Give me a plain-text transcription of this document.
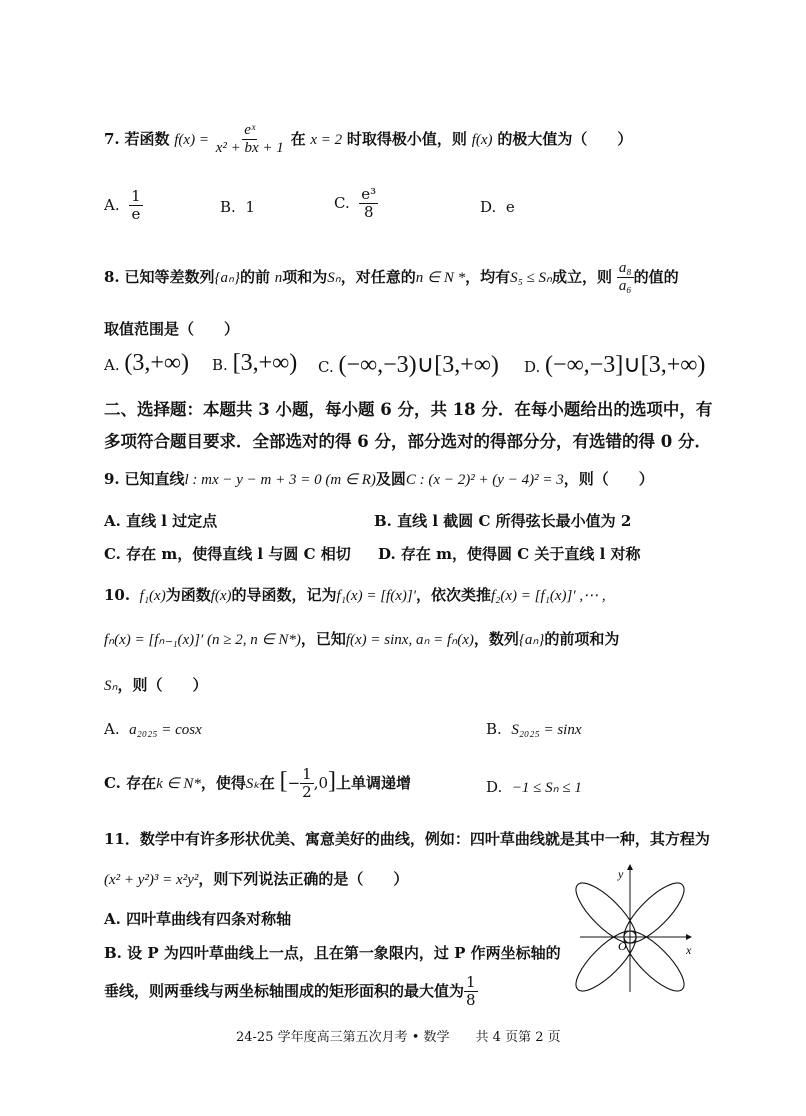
7. 若函数 $f(x) = \frac{\text{eˣ}}{\text{x² + bx + 1}}$ 在 x = 2 时取得极小值，则 f(x) 的极大值为（　　）
A. $\frac{1}{e}$	B. 1	C. $\frac{\text{e³}}{8}$	D. e
8. 已知等差数列{aₙ}的前 n项和为Sₙ，对任意的n ∈ N *，均有S₅ ≤ Sₙ成立，则 $\frac{\text{a₈}}{\text{a₆}}$ 的值的
取值范围是（　　）
A. (3,+∞) B. [3,+∞) C. (−∞,−3)∪[3,+∞) D. (−∞,−3]∪[3,+∞)
二、选择题：本题共 3 小题，每小题 6 分，共 18 分．在每小题给出的选项中，有
多项符合题目要求．全部选对的得 6 分，部分选对的得部分分，有选错的得 0 分．
9. 已知直线l : mx − y − m + 3 = 0 (m ∈ R)及圆C : (x − 2)² + (y − 4)² = 3，则（　　）
A. 直线 l 过定点	B. 直线 l 截圆 C 所得弦长最小值为 2
C. 存在 m，使得直线 l 与圆 C 相切 D. 存在 m，使得圆 C 关于直线 l 对称
10. f₁(x)为函数f(x)的导函数，记为f₁(x) = [f(x)]′，依次类推f₂(x) = [f₁(x)]′ ,⋯ ,
fₙ(x) = [fₙ₋₁(x)]′ (n ≥ 2, n ∈ N*)，已知f(x) = sinx, aₙ = fₙ(x)，数列{aₙ}的前项和为
Sₙ，则（　　）
A. a₂₀₂₅ = cosx	B. S₂₀₂₅ = sinx
C. 存在k ∈ N*，使得Sₖ在 [− $\frac{1}{2} ,0$]上单调递增	D. −1 ≤ Sₙ ≤ 1
11．数学中有许多形状优美、寓意美好的曲线，例如：四叶草曲线就是其中一种，其方程为
(x² + y²)³ = x²y²，则下列说法正确的是（　　）
A. 四叶草曲线有四条对称轴
B. 设 P 为四叶草曲线上一点，且在第一象限内，过 P 作两坐标轴的
垂线，则两垂线与两坐标轴围成的矩形面积的最大值为 $\frac{1}{8}$
x
y
O
24-25 学年度高三第五次月考 • 数学　　共 4 页第 2 页
